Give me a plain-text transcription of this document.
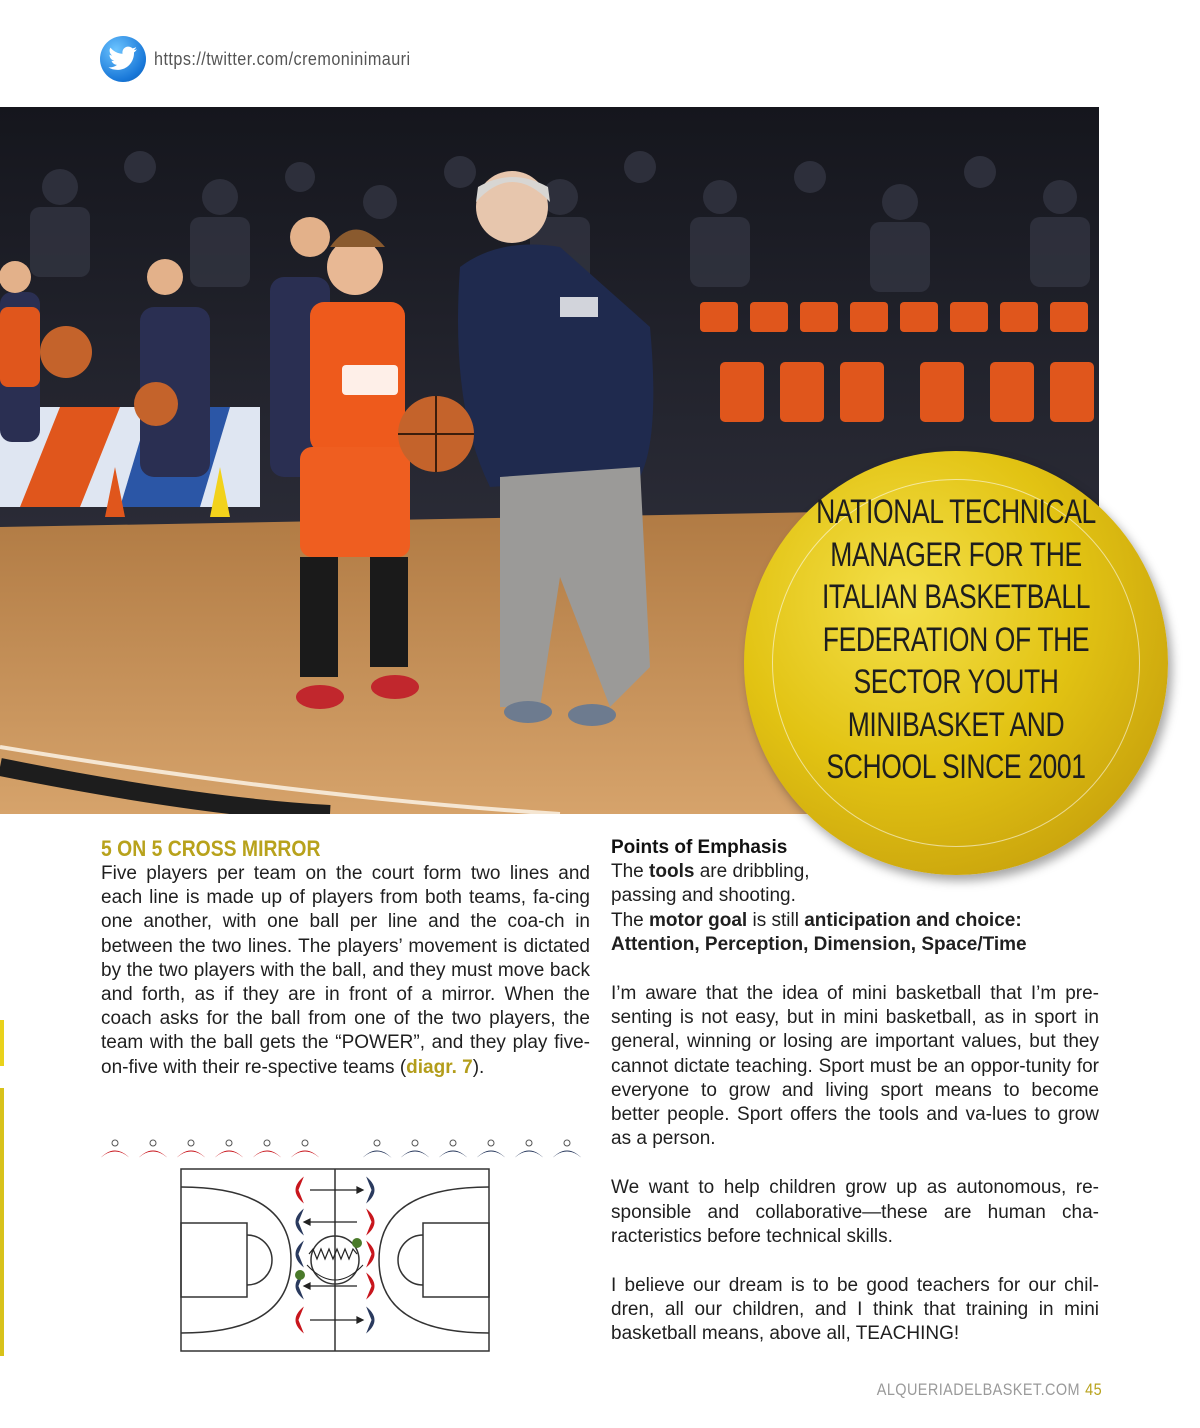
https://twitter.com/cremoninimauri
NATIONAL TECHNICAL MANAGER FOR THE ITALIAN BASKETBALL FEDERATION OF THE SECTOR YOUTH MINIBASKET AND SCHOOL SINCE 2001
5 ON 5 CROSS MIRROR
Five players per team on the court form two lines and each line is made up of players from both teams, fa-cing one another, with one ball per line and the coa-ch in between the two lines. The players’ movement is dictated by the two players with the ball, and they must move back and forth, as if they are in front of a mirror. When the coach asks for the ball from one of the two players, the team with the ball gets the “POWER”, and they play five-on-five with their re-spective teams (diagr. 7).
Points of Emphasis
The tools are dribbling, passing and shooting.
The motor goal is still anticipation and choice: Attention, Perception, Dimension, Space/Time
I’m aware that the idea of mini basketball that I’m pre-senting is not easy, but in mini basketball, as in sport in general, winning or losing are important values, but they cannot dictate teaching. Sport must be an oppor-tunity for everyone to grow and living sport means to become better people. Sport offers the tools and va-lues to grow as a person.
We want to help children grow up as autonomous, re-sponsible and collaborative—these are human cha-racteristics before technical skills.
I believe our dream is to be good teachers for our chil-dren, all our children, and I think that training in mini basketball means, above all, TEACHING!
ALQUERIADELBASKET.COM 45
